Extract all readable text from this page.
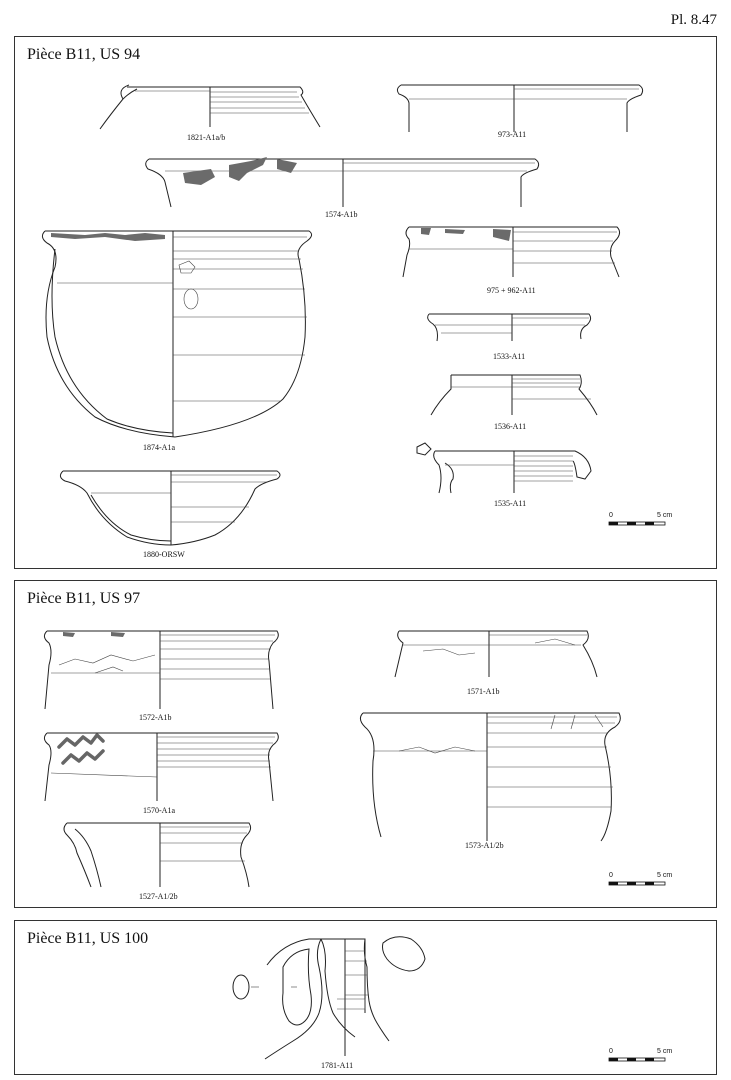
Pl. 8.47
Pièce B11, US 94
1821-A1a/b	973-A11
1574-A1b
1874-A1a
975 + 962-A11
1533-A11
1536-A11
1535-A11
1880-ORSW
0	5 cm
Pièce B11, US 97
1572-A1b
1571-A1b
1570-A1a
1573-A1/2b
1527-A1/2b
0	5 cm
Pièce B11, US 100
1781-A11
0	5 cm
